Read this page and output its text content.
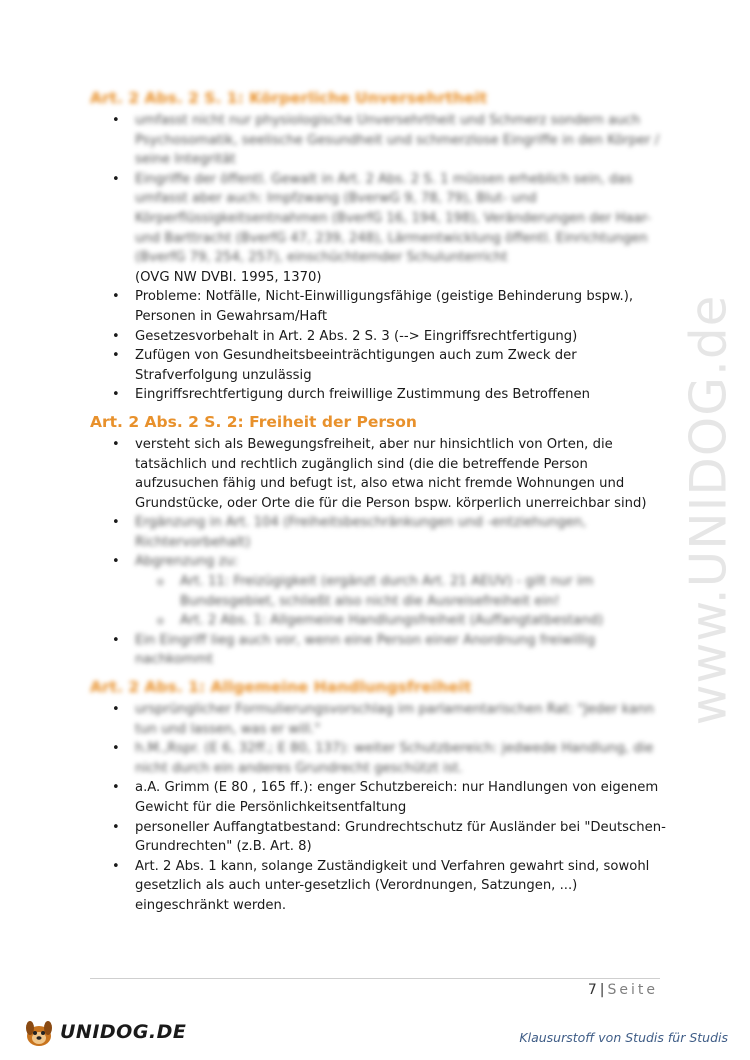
www.UNIDOG.de
Art. 2 Abs. 2 S. 1: Körperliche Unversehrtheit
• umfasst nicht nur physiologische Unversehrtheit und Schmerz sondern auch Psychosomatik, seelische Gesundheit und schmerzlose Eingriffe in den Körper / seine Integrität
• Eingriffe der öffentl. Gewalt in Art. 2 Abs. 2 S. 1 müssen erheblich sein, das umfasst aber auch: Impfzwang (BverwG 9, 78, 79), Blut- und Körperflüssigkeitsentnahmen (BverfG 16, 194, 198), Veränderungen der Haar- und Barttracht (BverfG 47, 239, 248), Lärmentwicklung öffentl. Einrichtungen (BverfG 79, 254, 257), einschüchternder Schulunterricht
(OVG NW DVBl. 1995, 1370)
• Probleme: Notfälle, Nicht-Einwilligungsfähige (geistige Behinderung bspw.), Personen in Gewahrsam/Haft
• Gesetzesvorbehalt in Art. 2 Abs. 2 S. 3 (--> Eingriffsrechtfertigung)
• Zufügen von Gesundheitsbeeinträchtigungen auch zum Zweck der Strafverfolgung unzulässig
• Eingriffsrechtfertigung durch freiwillige Zustimmung des Betroffenen
Art. 2 Abs. 2 S. 2: Freiheit der Person
• versteht sich als Bewegungsfreiheit, aber nur hinsichtlich von Orten, die tatsächlich und rechtlich zugänglich sind (die die betreffende Person aufzusuchen fähig und befugt ist, also etwa nicht fremde Wohnungen und Grundstücke, oder Orte die für die Person bspw. körperlich unerreichbar sind)
• Ergänzung in Art. 104 (Freiheitsbeschränkungen und -entziehungen, Richtervorbehalt)
• Abgrenzung zu:
o Art. 11: Freizügigkeit (ergänzt durch Art. 21 AEUV) - gilt nur im Bundesgebiet, schließt also nicht die Ausreisefreiheit ein!
o Art. 2 Abs. 1: Allgemeine Handlungsfreiheit (Auffangtatbestand)
• Ein Eingriff lieg auch vor, wenn eine Person einer Anordnung freiwillig nachkommt
Art. 2 Abs. 1: Allgemeine Handlungsfreiheit
• ursprünglicher Formulierungsvorschlag im parlamentarischen Rat: "Jeder kann tun und lassen, was er will."
• h.M.,Rspr. (E 6, 32ff.; E 80, 137): weiter Schutzbereich: jedwede Handlung, die nicht durch ein anderes Grundrecht geschützt ist.
• a.A. Grimm (E 80 , 165 ff.): enger Schutzbereich: nur Handlungen von eigenem Gewicht für die Persönlichkeitsentfaltung
• personeller Auffangtatbestand: Grundrechtschutz für Ausländer bei "Deutschen-Grundrechten" (z.B. Art. 8)
• Art. 2 Abs. 1 kann, solange Zuständigkeit und Verfahren gewahrt sind, sowohl gesetzlich als auch unter-gesetzlich (Verordnungen, Satzungen, ...) eingeschränkt werden.
7 | Seite
UNIDOG.DE	Klausurstoff von Studis für Studis
